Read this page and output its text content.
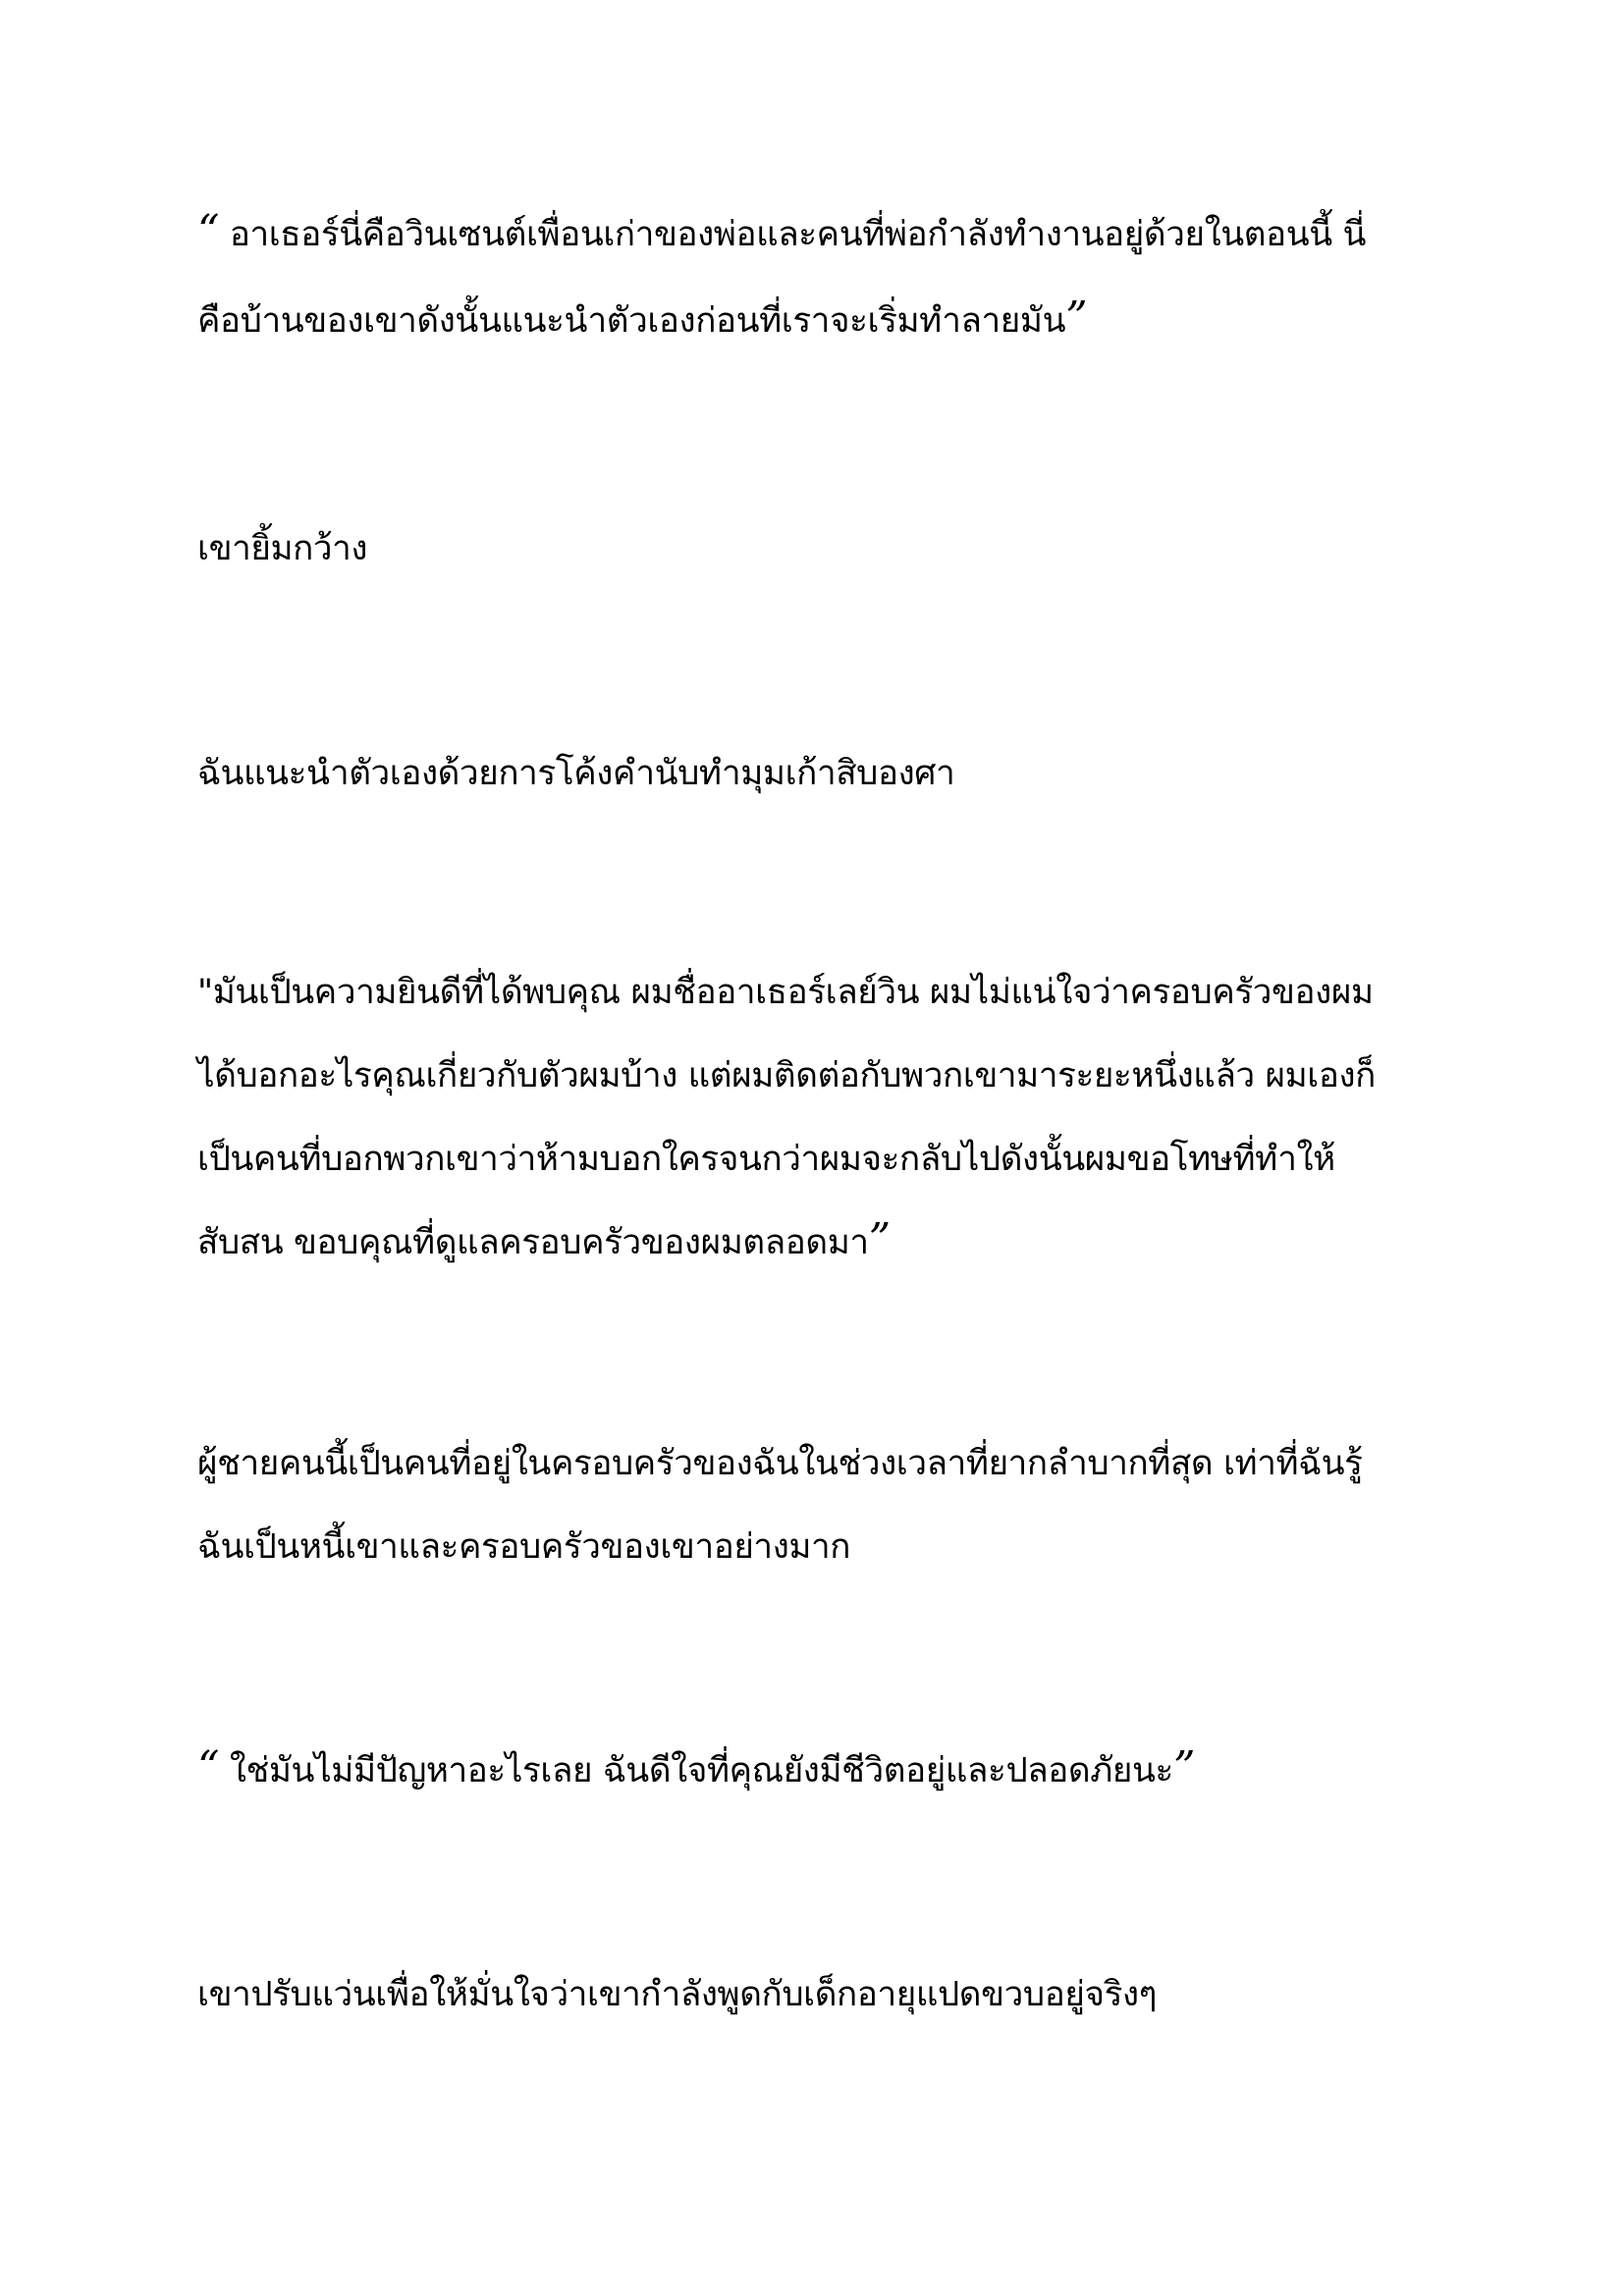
“ อาเธอร์นี่คือวินเซนต์เพื่อนเก่าของพ่อและคนที่พ่อกำลังทำงานอยู่ด้วยในตอนนี้ นี่
คือบ้านของเขาดังนั้นแนะนำตัวเองก่อนที่เราจะเริ่มทำลายมัน”
เขายิ้มกว้าง
ฉันแนะนำตัวเองด้วยการโค้งคำนับทำมุมเก้าสิบองศา
"มันเป็นความยินดีที่ได้พบคุณ ผมชื่ออาเธอร์เลย์วิน ผมไม่แน่ใจว่าครอบครัวของผม
ได้บอกอะไรคุณเกี่ยวกับตัวผมบ้าง แต่ผมติดต่อกับพวกเขามาระยะหนึ่งแล้ว ผมเองก็
เป็นคนที่บอกพวกเขาว่าห้ามบอกใครจนกว่าผมจะกลับไปดังนั้นผมขอโทษที่ทำให้
สับสน ขอบคุณที่ดูแลครอบครัวของผมตลอดมา”
ผู้ชายคนนี้เป็นคนที่อยู่ในครอบครัวของฉันในช่วงเวลาที่ยากลำบากที่สุด เท่าที่ฉันรู้
ฉันเป็นหนี้เขาและครอบครัวของเขาอย่างมาก
“ ใช่มันไม่มีปัญหาอะไรเลย ฉันดีใจที่คุณยังมีชีวิตอยู่และปลอดภัยนะ”
เขาปรับแว่นเพื่อให้มั่นใจว่าเขากำลังพูดกับเด็กอายุแปดขวบอยู่จริงๆ
